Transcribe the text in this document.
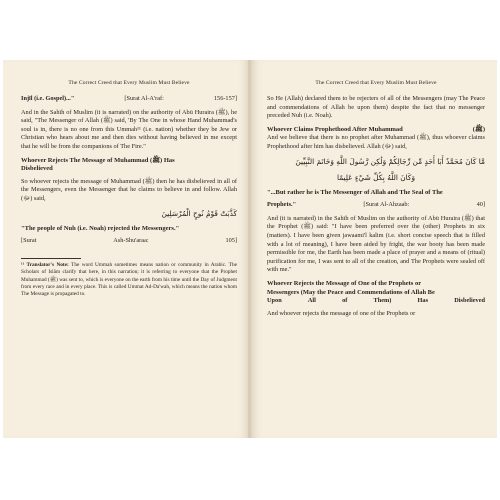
The Correct Creed that Every Muslim Must Believe
Injīl (i.e. Gospel)..."	[Surat Al-A'raf:	156-157]

And in the Sahīh of Muslim (it is narrated) on the authority of Abū Huraira (ﷺ), he said, "The Messenger of Allah (ﷺ) said, 'By The One in whose Hand Muhammad's soul is in, there is no one from this Ummah¹¹ (i.e. nation) whether they be Jew or Christian who hears about me and then dies without having believed in me except that he will be from the companions of The Fire."

Whoever Rejects The Message of Muhammad (ﷺ) Has
Disbelieved

So whoever rejects the message of Muhammad (ﷺ) then he has disbelieved in all of the Messengers, even the Messenger that he claims to believe in and follow. Allah (ﷻ) said,

كَذَّبَتْ قَوْمُ نُوحٍ الْمُرْسَلِينَ
"The people of Nuh (i.e. Noah) rejected the Messengers."
[Surat	Ash-Shu'araa:	105]

¹¹ Translator's Note: The word Ummah sometimes means nation or community in Arabic. The Scholars of Islām clarify that here, in this narration; it is referring to everyone that the Prophet Muhammad (ﷺ) was sent to, which is everyone on the earth from his time until the Day of Judgment from every race and in every place. This is called Ummat Ad-Da'wah, which means the nation whom The Message is propagated to.

The Correct Creed that Every Muslim Must Believe

So He (Allah) declared them to be rejecters of all of the Messengers (may The Peace and commendations of Allah be upon them) despite the fact that no messenger preceded Nuh (i.e. Noah).

Whoever Claims Prophethood After Muhammad	(ﷺ)

And we believe that there is no prophet after Muhammad (ﷺ), thus whoever claims Prophethood after him has disbelieved. Allah (ﷻ) said,

مَّا كَانَ مُحَمَّدٌ أَبَا أَحَدٍ مِّن رِّجَالِكُمْ وَلَٰكِن رَّسُولَ اللَّهِ وَخَاتَمَ النَّبِيِّينَ
وَكَانَ اللَّهُ بِكُلِّ شَيْءٍ عَلِيمًا
"...But rather he is The Messenger of Allah and The Seal of The
Prophets."	[Surat Al-Ahzaab:	40]

And (it is narrated) in the Sahīh of Muslim on the authority of Abū Huraira (ﷺ) that the Prophet (ﷺ) said: "I have been preferred over the (other) Prophets in six (matters). I have been given jawaami'l kalim (i.e. short concise speech that is filled with a lot of meaning), I have been aided by fright, the war booty has been made permissible for me, the Earth has been made a place of prayer and a means of (ritual) purification for me, I was sent to all of the creation, and The Prophets were sealed off with me."

Whoever Rejects the Message of One of the Prophets or
Messengers (May the Peace and Commendations of Allah Be
Upon	All	of	Them)	Has	Disbelieved

And whoever rejects the message of one of the Prophets or
